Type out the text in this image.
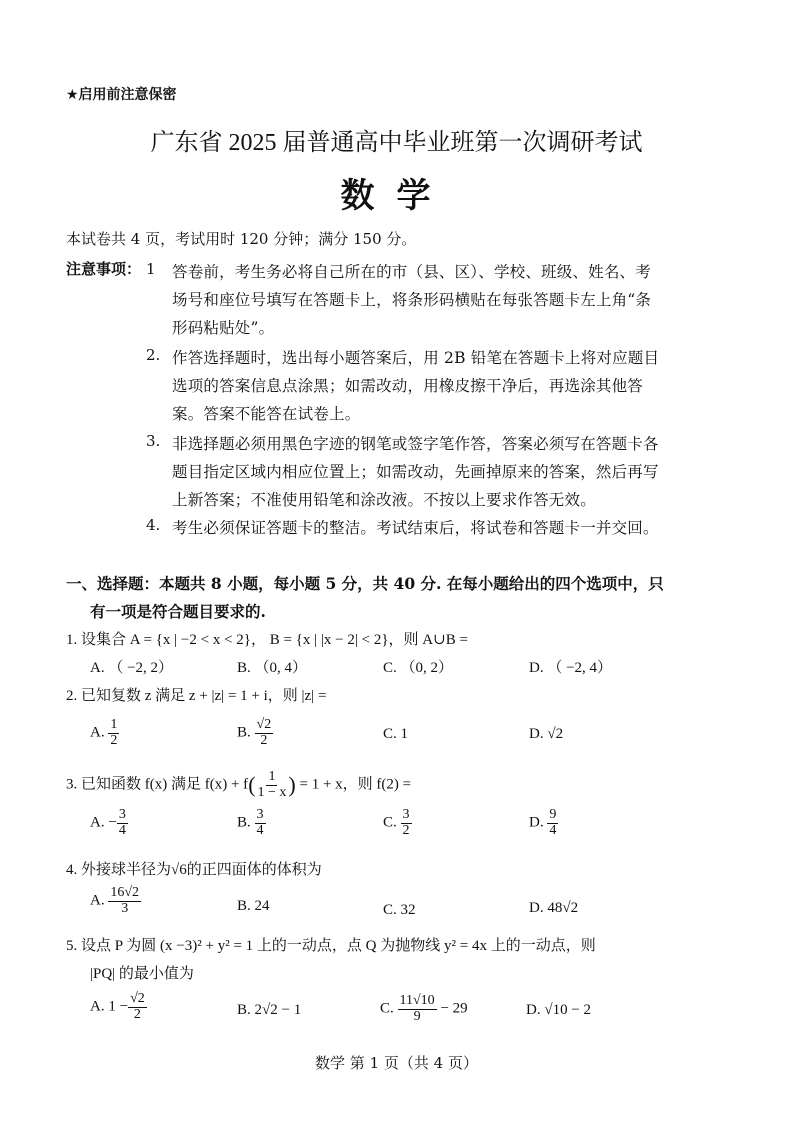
★启用前注意保密
广东省 2025 届普通高中毕业班第一次调研考试
数学
本试卷共 4 页，考试用时 120 分钟；满分 150 分。
注意事项： 1 答卷前，考生务必将自己所在的市（县、区）、学校、班级、姓名、考
场号和座位号填写在答题卡上，将条形码横贴在每张答题卡左上角“条
形码粘贴处”。
2. 作答选择题时，选出每小题答案后，用 2B 铅笔在答题卡上将对应题目
选项的答案信息点涂黑；如需改动，用橡皮擦干净后，再选涂其他答
案。答案不能答在试卷上。
3. 非选择题必须用黑色字迹的钢笔或签字笔作答，答案必须写在答题卡各
题目指定区域内相应位置上；如需改动，先画掉原来的答案，然后再写
上新答案；不准使用铅笔和涂改液。不按以上要求作答无效。
4. 考生必须保证答题卡的整洁。考试结束后，将试卷和答题卡一并交回。
一、选择题：本题共 8 小题，每小题 5 分，共 40 分. 在每小题给出的四个选项中，只
有一项是符合题目要求的.
1. 设集合 A = {x | −2 < x < 2}， B = {x | |x − 2| < 2}，则 A∪B =
A. （ −2, 2）	B. （0, 4）	C. （0, 2）	D. （ −2, 4）
2. 已知复数 z 满足 z + |z| = 1 + i，则 |z| =
A. $\frac{1}{2}$	B. $\frac{√2}{2}$	C. 1	D. √2
3. 已知函数 f(x) 满足 $f(x) + f( \frac{1}{1 - x}$ ) = 1 + x，则 f(2) =
A. − $\frac{3}{4}$	B. $\frac{3}{4}$	C. $\frac{3}{2}$	D. $\frac{9}{4}$
4. 外接球半径为√6的正四面体的体积为
A. $\frac{16√2}{3}$	B. 24	C. 32	D. 48√2
5. 设点 P 为圆 (x −3)² + y² = 1 上的一动点，点 Q 为抛物线 y² = 4x 上的一动点，则
|PQ| 的最小值为
A. $1 - \frac{√2}{2}$	B. 2√2 − 1	C. $\frac{11√10}{9} - 29$	D. √10 − 2
数学 第 1 页（共 4 页）
